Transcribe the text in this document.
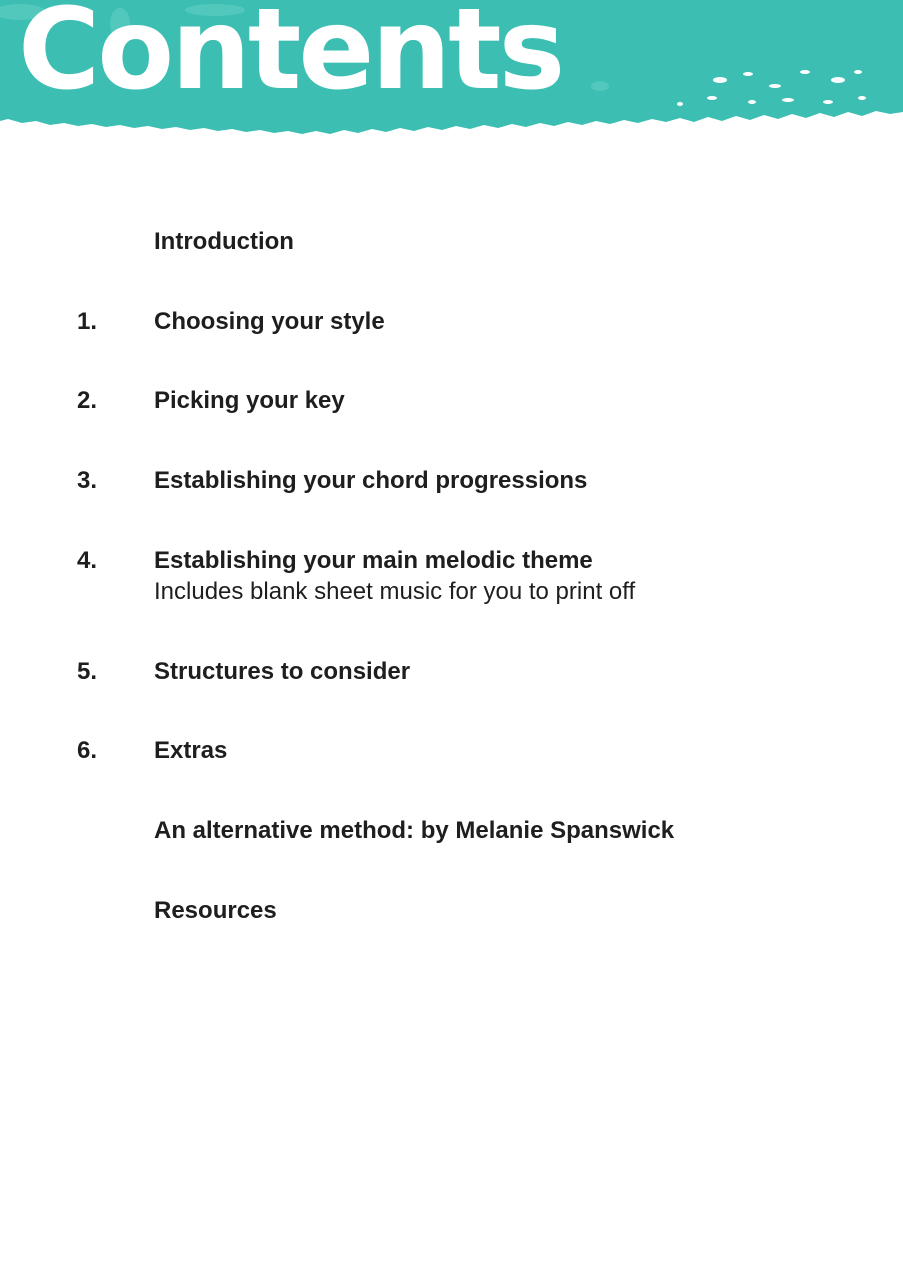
Contents
Introduction
1. Choosing your style
2. Picking your key
3. Establishing your chord progressions
4. Establishing your main melodic theme
Includes blank sheet music for you to print off
5. Structures to consider
6. Extras
An alternative method: by Melanie Spanswick
Resources
